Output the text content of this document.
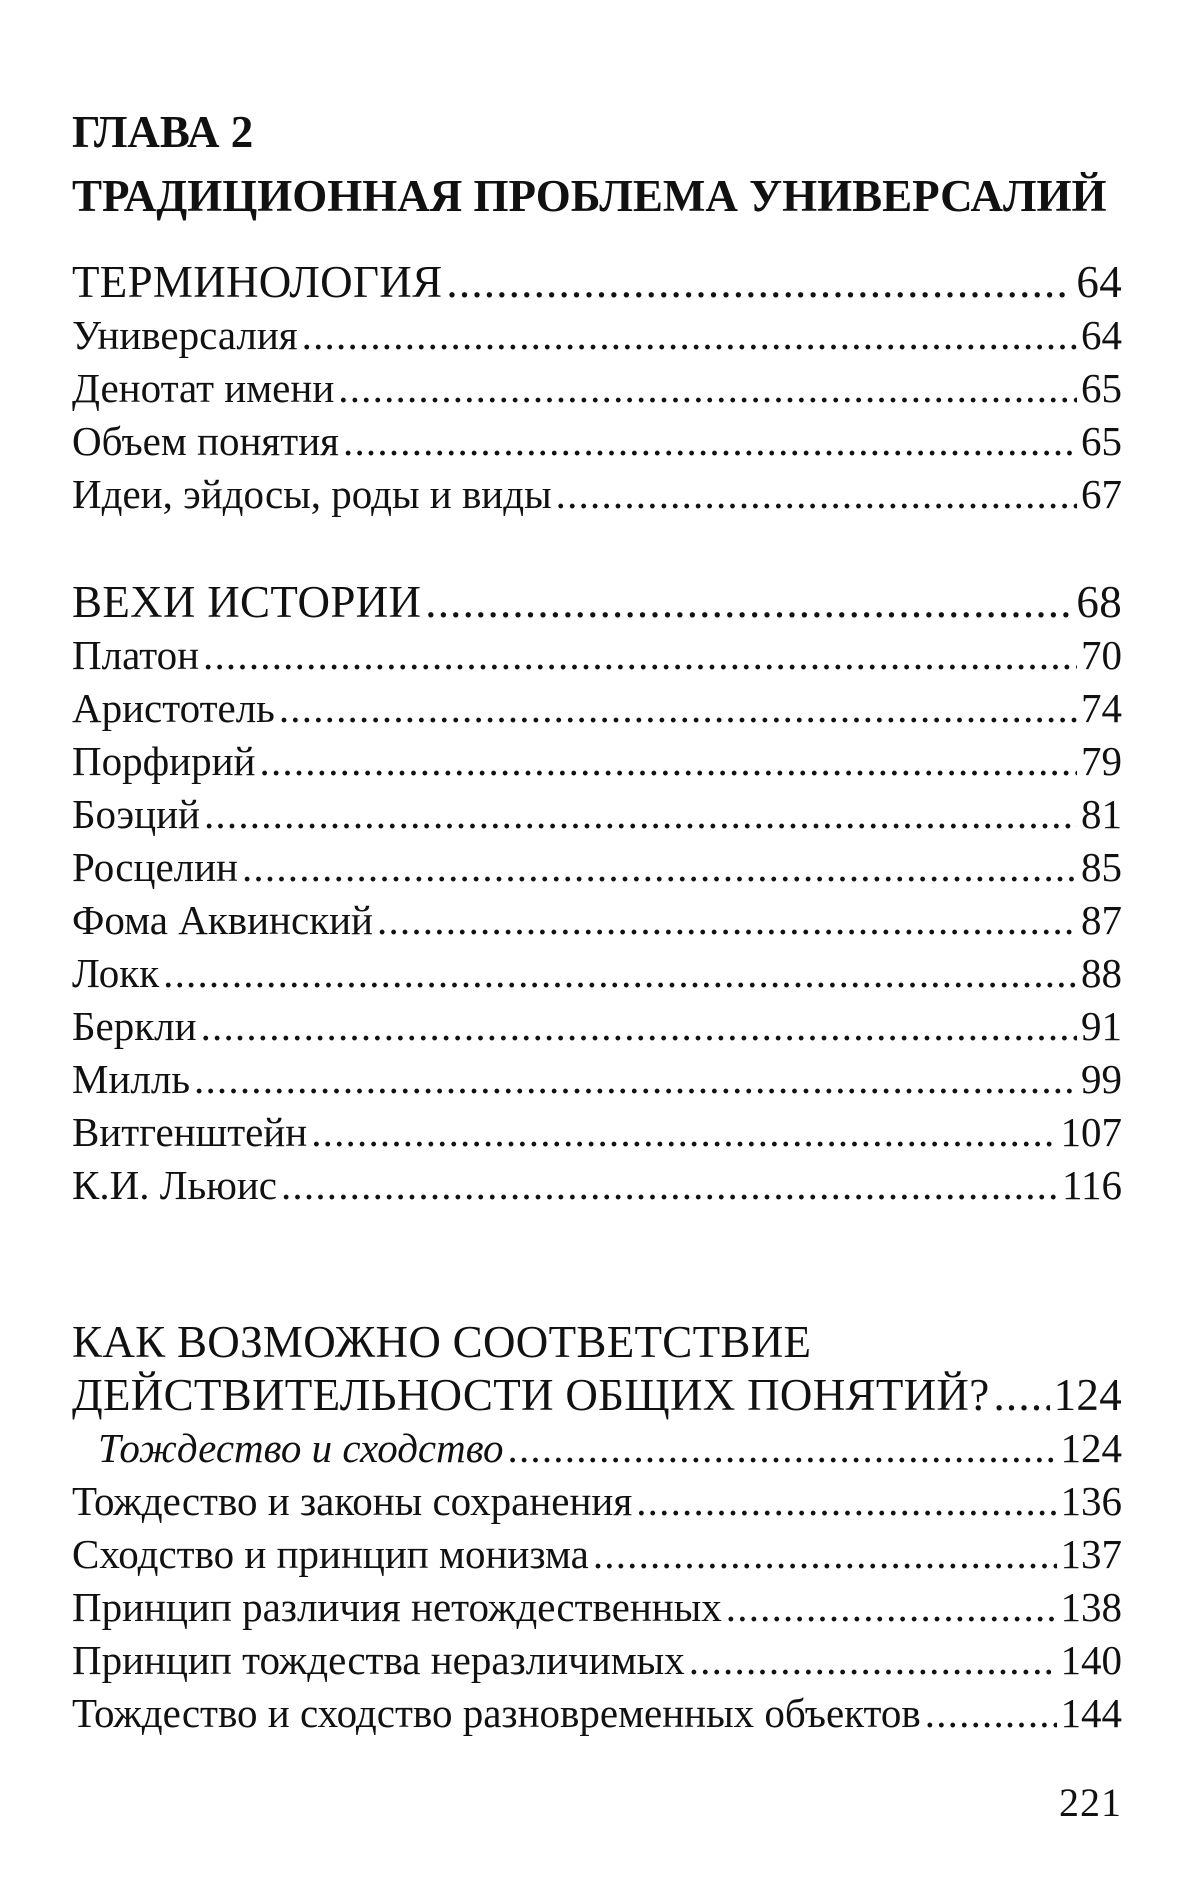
ГЛАВА 2
ТРАДИЦИОННАЯ ПРОБЛЕМА УНИВЕРСАЛИЙ
ТЕРМИНОЛОГИЯ .....	64
Универсалия .....	64
Денотат имени .....	65
Объем понятия .....	65
Идеи, эйдосы, роды и виды .....	67
ВЕХИ ИСТОРИИ .....	68
Платон .....	70
Аристотель .....	74
Порфирий .....	79
Боэций .....	81
Росцелин .....	85
Фома Аквинский .....	87
Локк .....	88
Беркли .....	91
Милль .....	99
Витгенштейн .....	107
К.И. Льюис .....	116
КАК ВОЗМОЖНО СООТВЕТСТВИЕ
ДЕЙСТВИТЕЛЬНОСТИ ОБЩИХ ПОНЯТИЙ? ..... 124
Тождество и сходство .....	124
Тождество и законы сохранения .....	136
Сходство и принцип монизма .....	137
Принцип различия нетождественных .....	138
Принцип тождества неразличимых .....	140
Тождество и сходство разновременных объектов .....	144
221
